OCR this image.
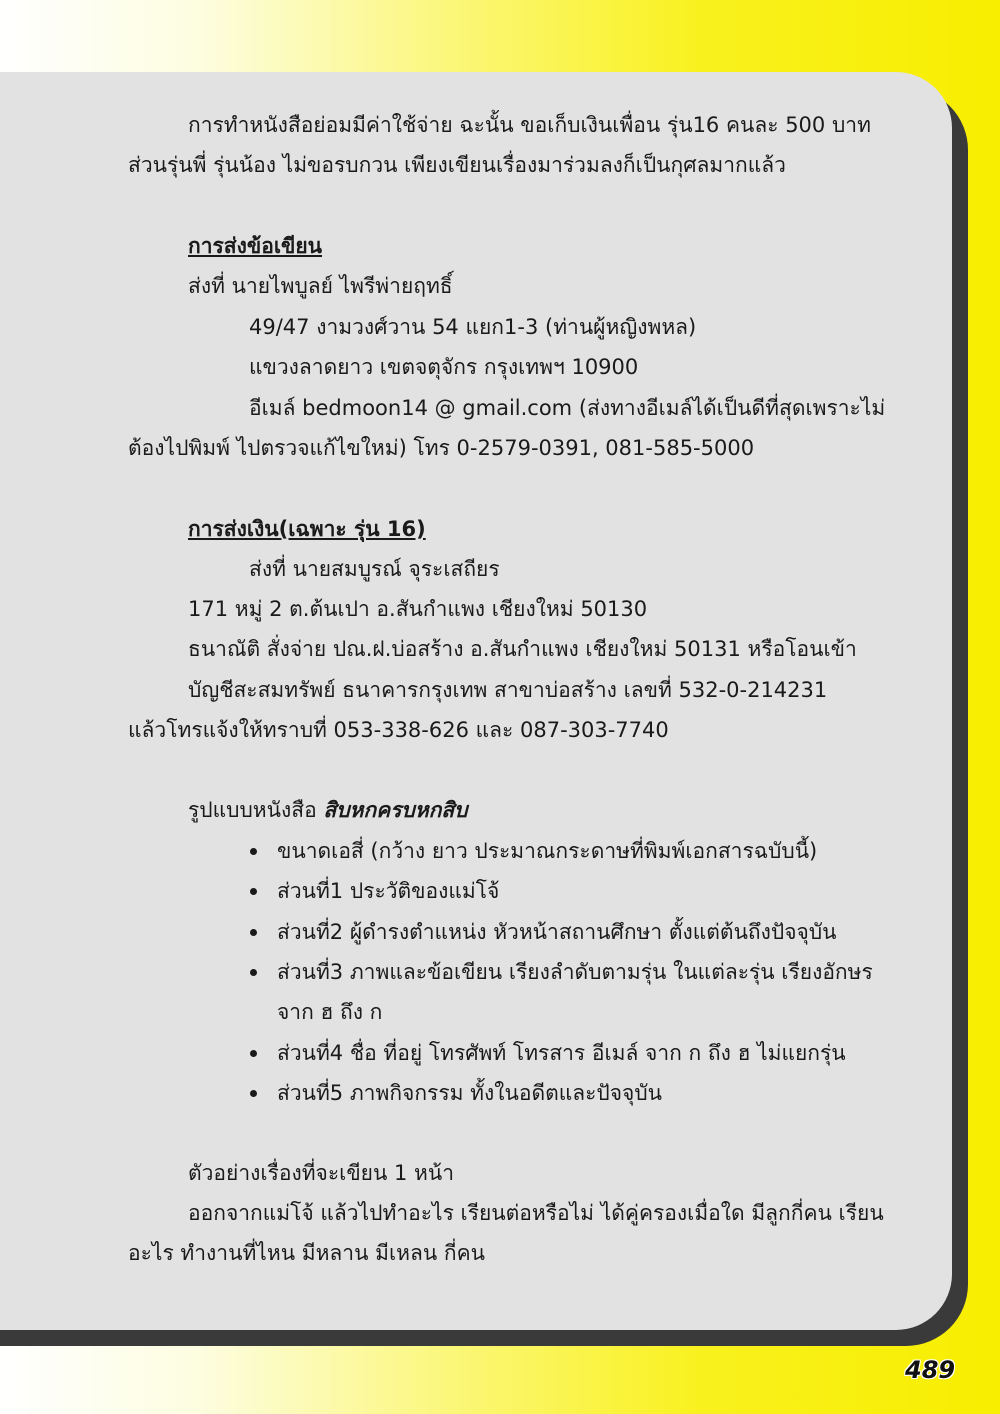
การทำหนังสือย่อมมีค่าใช้จ่าย ฉะนั้น ขอเก็บเงินเพื่อน รุ่น16 คนละ 500 บาท
ส่วนรุ่นพี่ รุ่นน้อง ไม่ขอรบกวน เพียงเขียนเรื่องมาร่วมลงก็เป็นกุศลมากแล้ว
การส่งข้อเขียน
ส่งที่ นายไพบูลย์ ไพรีพ่ายฤทธิ์
49/47 งามวงศ์วาน 54 แยก1-3 (ท่านผู้หญิงพหล)
แขวงลาดยาว เขตจตุจักร กรุงเทพฯ 10900
อีเมล์ bedmoon14 @ gmail.com (ส่งทางอีเมล์ได้เป็นดีที่สุดเพราะไม่
ต้องไปพิมพ์ ไปตรวจแก้ไขใหม่) โทร 0-2579-0391, 081-585-5000
การส่งเงิน(เฉพาะ รุ่น 16)
ส่งที่ นายสมบูรณ์ จุระเสถียร
171 หมู่ 2 ต.ต้นเปา อ.สันกำแพง เชียงใหม่ 50130
ธนาณัติ สั่งจ่าย ปณ.ฝ.บ่อสร้าง อ.สันกำแพง เชียงใหม่ 50131 หรือโอนเข้า
บัญชีสะสมทรัพย์ ธนาคารกรุงเทพ สาขาบ่อสร้าง เลขที่ 532-0-214231
แล้วโทรแจ้งให้ทราบที่ 053-338-626 และ 087-303-7740
รูปแบบหนังสือ สิบหกครบหกสิบ
ขนาดเอสี่ (กว้าง ยาว ประมาณกระดาษที่พิมพ์เอกสารฉบับนี้)
ส่วนที่1 ประวัติของแม่โจ้
ส่วนที่2 ผู้ดำรงตำแหน่ง หัวหน้าสถานศึกษา ตั้งแต่ต้นถึงปัจจุบัน
ส่วนที่3 ภาพและข้อเขียน เรียงลำดับตามรุ่น ในแต่ละรุ่น เรียงอักษร
จาก ฮ ถึง ก
ส่วนที่4 ชื่อ ที่อยู่ โทรศัพท์ โทรสาร อีเมล์ จาก ก ถึง ฮ ไม่แยกรุ่น
ส่วนที่5 ภาพกิจกรรม ทั้งในอดีตและปัจจุบัน
ตัวอย่างเรื่องที่จะเขียน 1 หน้า
ออกจากแม่โจ้ แล้วไปทำอะไร เรียนต่อหรือไม่ ได้คู่ครองเมื่อใด มีลูกกี่คน เรียน
อะไร ทำงานที่ไหน มีหลาน มีเหลน กี่คน
489
